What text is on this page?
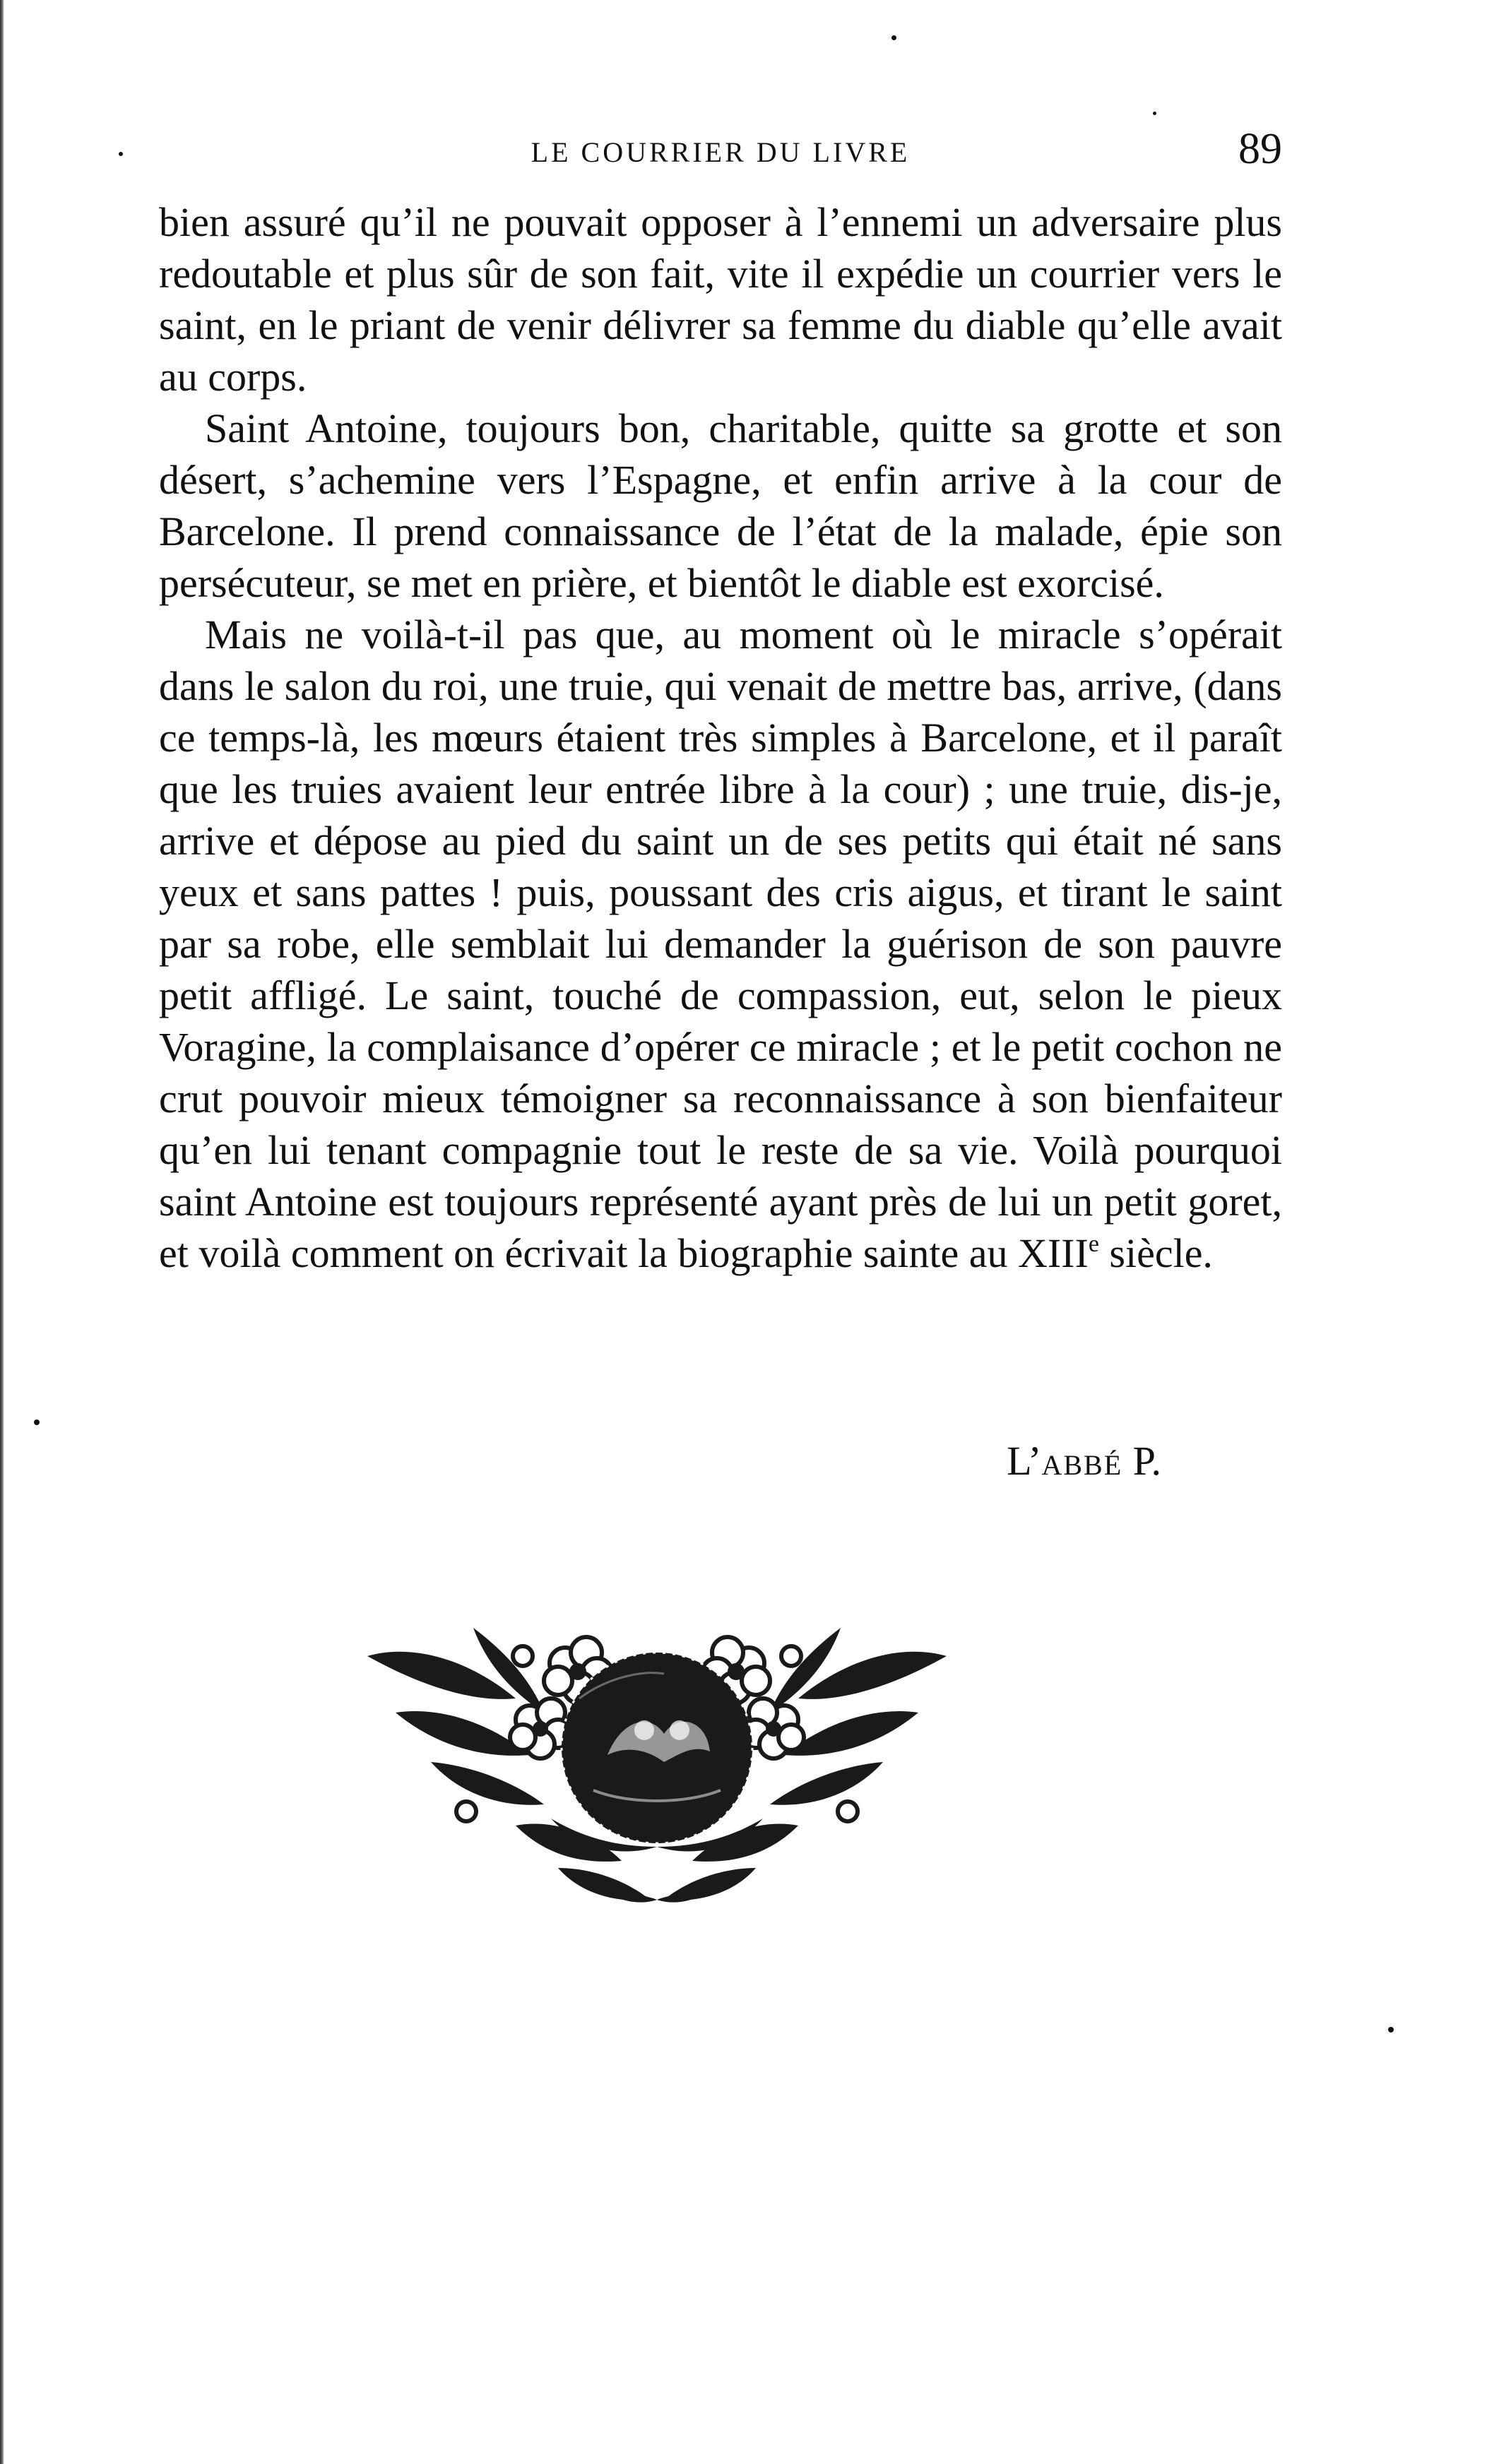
LE COURRIER DU LIVRE	89

bien assuré qu’il ne pouvait opposer à l’ennemi un adversaire plus redoutable et plus sûr de son fait, vite il expédie un courrier vers le saint, en le priant de venir délivrer sa femme du diable qu’elle avait au corps.

Saint Antoine, toujours bon, charitable, quitte sa grotte et son désert, s’achemine vers l’Espagne, et enfin arrive à la cour de Barcelone. Il prend connaissance de l’état de la malade, épie son persécuteur, se met en prière, et bientôt le diable est exorcisé.

Mais ne voilà-t-il pas que, au moment où le miracle s’opérait dans le salon du roi, une truie, qui venait de mettre bas, arrive, (dans ce temps-là, les mœurs étaient très simples à Barcelone, et il paraît que les truies avaient leur entrée libre à la cour) ; une truie, dis-je, arrive et dépose au pied du saint un de ses petits qui était né sans yeux et sans pattes ! puis, poussant des cris aigus, et tirant le saint par sa robe, elle semblait lui demander la guérison de son pauvre petit affligé. Le saint, touché de compassion, eut, selon le pieux Voragine, la complaisance d’opérer ce miracle ; et le petit cochon ne crut pouvoir mieux témoigner sa reconnaissance à son bienfaiteur qu’en lui tenant compagnie tout le reste de sa vie. Voilà pourquoi saint Antoine est toujours représenté ayant près de lui un petit goret, et voilà comment on écrivait la biographie sainte au XIIIe siècle.

L’ABBÉ P.
